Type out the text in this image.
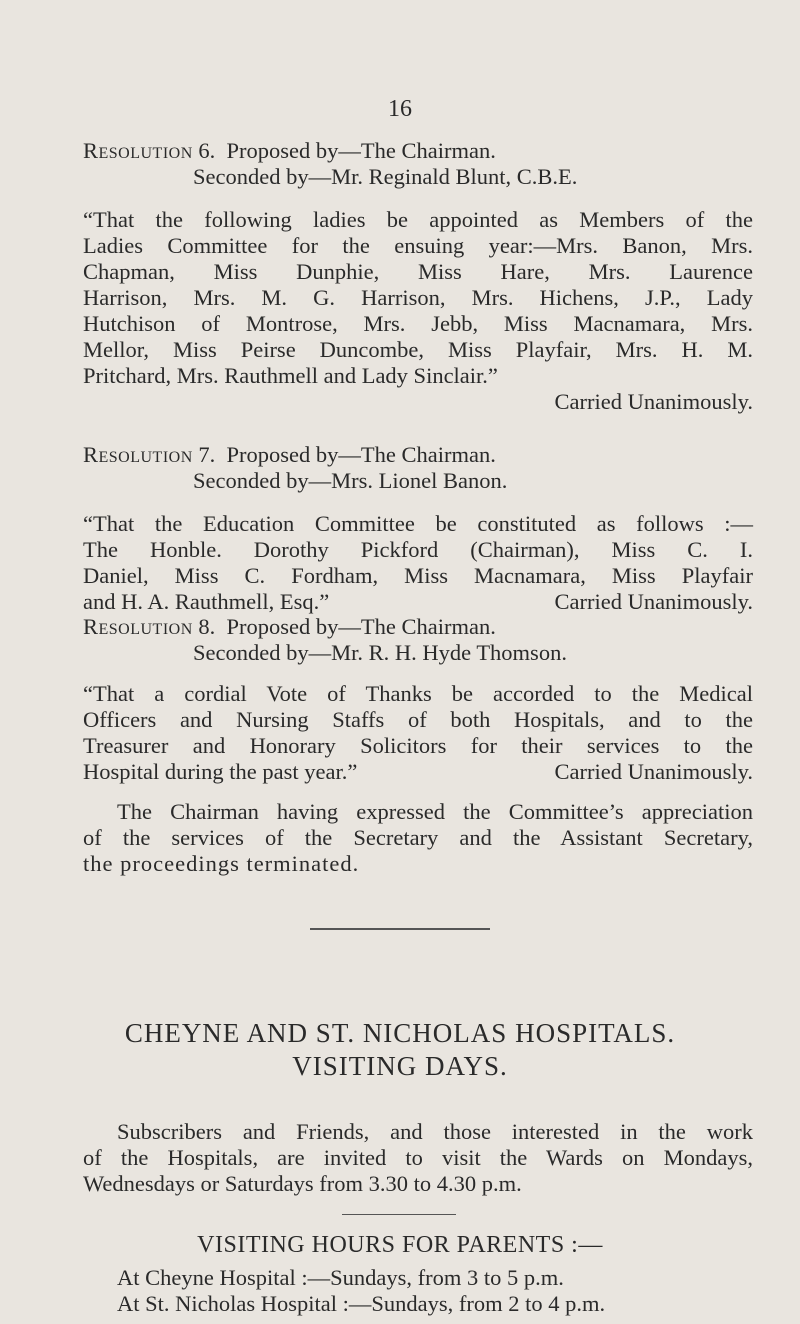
16
Resolution 6. Proposed by—The Chairman.
Seconded by—Mr. Reginald Blunt, C.B.E.
“That the following ladies be appointed as Members of the
Ladies Committee for the ensuing year:—Mrs. Banon, Mrs.
Chapman, Miss Dunphie, Miss Hare, Mrs. Laurence
Harrison, Mrs. M. G. Harrison, Mrs. Hichens, J.P., Lady
Hutchison of Montrose, Mrs. Jebb, Miss Macnamara, Mrs.
Mellor, Miss Peirse Duncombe, Miss Playfair, Mrs. H. M.
Pritchard, Mrs. Rauthmell and Lady Sinclair.”
Carried Unanimously.
Resolution 7. Proposed by—The Chairman.
Seconded by—Mrs. Lionel Banon.
“That the Education Committee be constituted as follows :—
The Honble. Dorothy Pickford (Chairman), Miss C. I.
Daniel, Miss C. Fordham, Miss Macnamara, Miss Playfair
and H. A. Rauthmell, Esq.”	Carried Unanimously.
Resolution 8. Proposed by—The Chairman.
Seconded by—Mr. R. H. Hyde Thomson.
“That a cordial Vote of Thanks be accorded to the Medical
Officers and Nursing Staffs of both Hospitals, and to the
Treasurer and Honorary Solicitors for their services to the
Hospital during the past year.”	Carried Unanimously.
The Chairman having expressed the Committee’s appreciation
of the services of the Secretary and the Assistant Secretary,
the proceedings terminated.
CHEYNE AND ST. NICHOLAS HOSPITALS.
VISITING DAYS.
Subscribers and Friends, and those interested in the work
of the Hospitals, are invited to visit the Wards on Mondays,
Wednesdays or Saturdays from 3.30 to 4.30 p.m.
VISITING HOURS FOR PARENTS :—
At Cheyne Hospital :—Sundays, from 3 to 5 p.m.
At St. Nicholas Hospital :—Sundays, from 2 to 4 p.m.
